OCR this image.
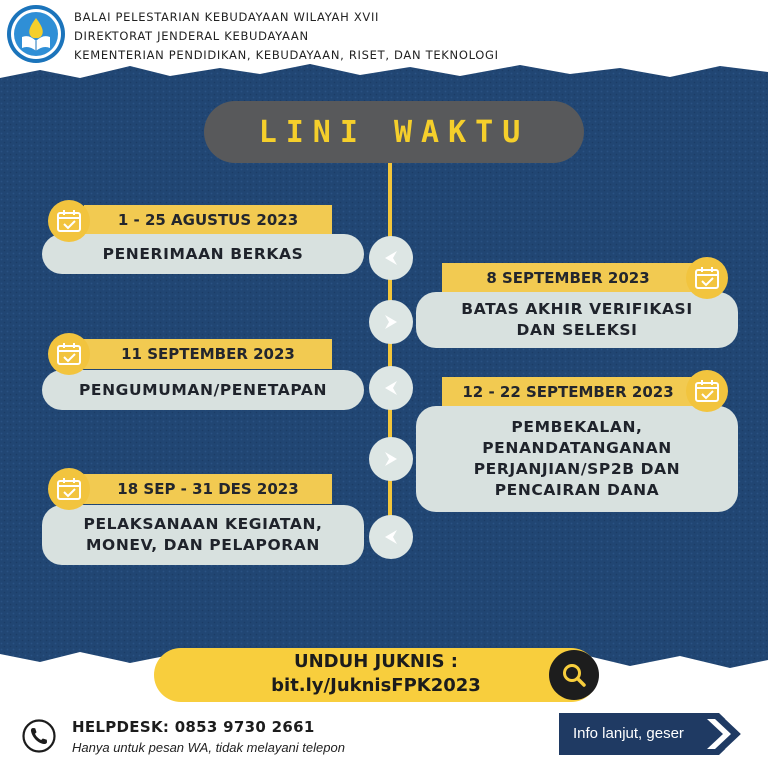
BALAI PELESTARIAN KEBUDAYAAN WILAYAH XVII
DIREKTORAT JENDERAL KEBUDAYAAN
KEMENTERIAN PENDIDIKAN, KEBUDAYAAN, RISET, DAN TEKNOLOGI
LINI WAKTU
1 - 25 AGUSTUS 2023
PENERIMAAN BERKAS
8 SEPTEMBER 2023
BATAS AKHIR VERIFIKASI
DAN SELEKSI
11 SEPTEMBER 2023
PENGUMUMAN/PENETAPAN	12 - 22 SEPTEMBER 2023
PEMBEKALAN,
PENANDATANGANAN
PERJANJIAN/SP2B DAN
PENCAIRAN DANA
18 SEP - 31 DES 2023
PELAKSANAAN KEGIATAN,
MONEV, DAN PELAPORAN
UNDUH JUKNIS :
bit.ly/JuknisFPK2023
HELPDESK: 0853 9730 2661
Hanya untuk pesan WA, tidak melayani telepon
Info lanjut, geser
